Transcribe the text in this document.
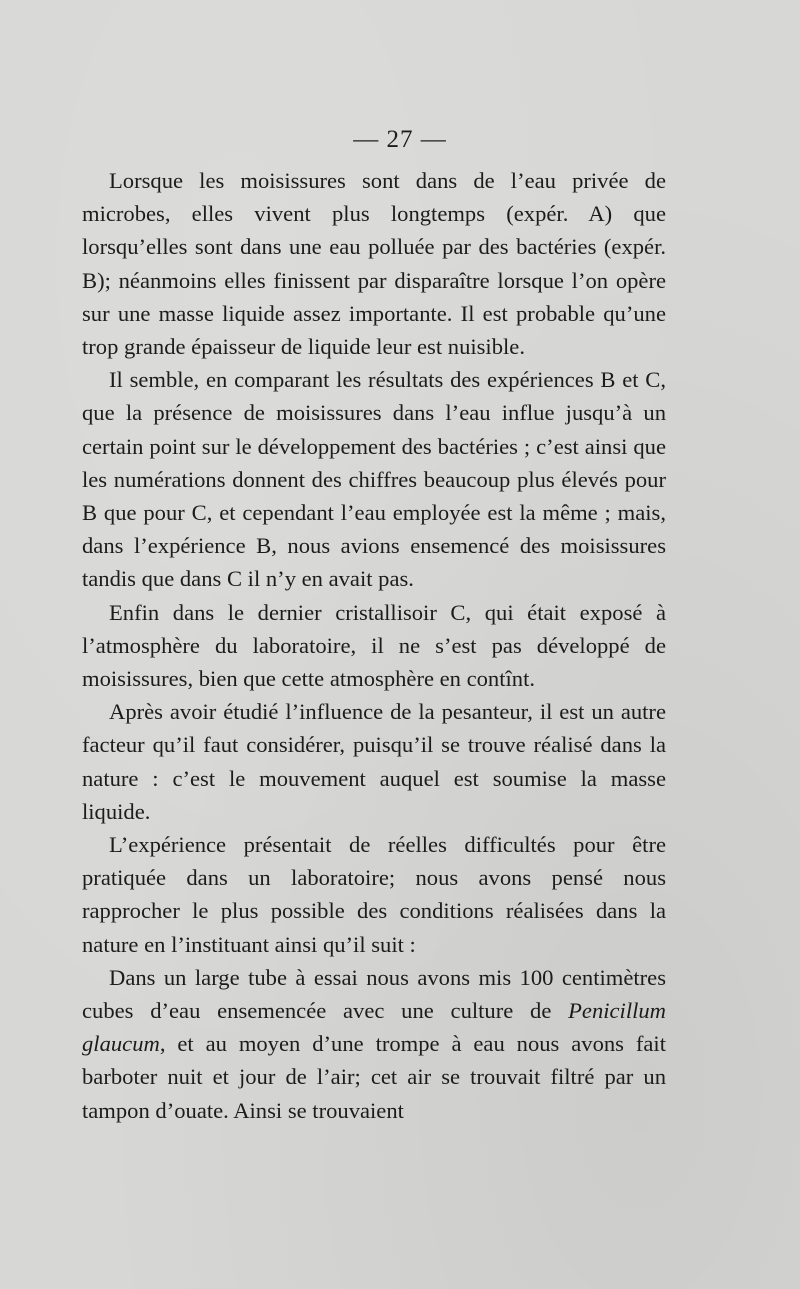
— 27 —

Lorsque les moisissures sont dans de l’eau privée de microbes, elles vivent plus longtemps (expér. A) que lorsqu’elles sont dans une eau polluée par des bactéries (expér. B); néanmoins elles finissent par disparaître lorsque l’on opère sur une masse liquide assez importante. Il est probable qu’une trop grande épaisseur de liquide leur est nuisible.

Il semble, en comparant les résultats des expériences B et C, que la présence de moisissures dans l’eau influe jusqu’à un certain point sur le développement des bactéries ; c’est ainsi que les numérations donnent des chiffres beaucoup plus élevés pour B que pour C, et cependant l’eau employée est la même ; mais, dans l’expérience B, nous avions ensemencé des moisissures tandis que dans C il n’y en avait pas.

Enfin dans le dernier cristallisoir C, qui était exposé à l’atmosphère du laboratoire, il ne s’est pas développé de moisissures, bien que cette atmosphère en contînt.

Après avoir étudié l’influence de la pesanteur, il est un autre facteur qu’il faut considérer, puisqu’il se trouve réalisé dans la nature : c’est le mouvement auquel est soumise la masse liquide.

L’expérience présentait de réelles difficultés pour être pratiquée dans un laboratoire; nous avons pensé nous rapprocher le plus possible des conditions réalisées dans la nature en l’instituant ainsi qu’il suit :

Dans un large tube à essai nous avons mis 100 centimètres cubes d’eau ensemencée avec une culture de Penicillum glaucum, et au moyen d’une trompe à eau nous avons fait barboter nuit et jour de l’air; cet air se trouvait filtré par un tampon d’ouate. Ainsi se trouvaient
